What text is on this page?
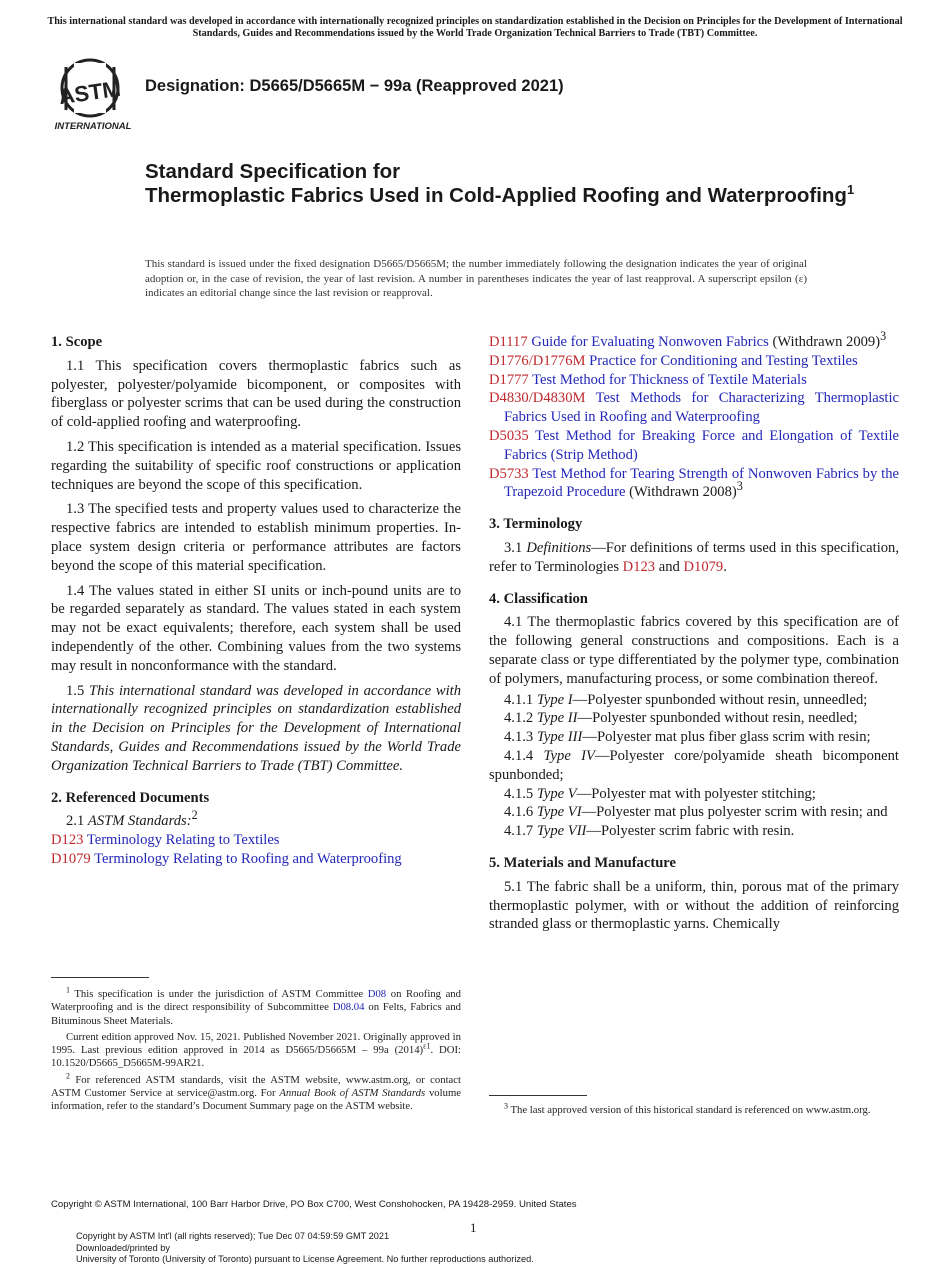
This international standard was developed in accordance with internationally recognized principles on standardization established in the Decision on Principles for the Development of International Standards, Guides and Recommendations issued by the World Trade Organization Technical Barriers to Trade (TBT) Committee.
ASTM
INTERNATIONAL
Designation: D5665/D5665M − 99a (Reapproved 2021)
Standard Specification for
Thermoplastic Fabrics Used in Cold-Applied Roofing and Waterproofing$^1$
This standard is issued under the fixed designation D5665/D5665M; the number immediately following the designation indicates the year of original adoption or, in the case of revision, the year of last revision. A number in parentheses indicates the year of last reapproval. A superscript epsilon (ε) indicates an editorial change since the last revision or reapproval.
1. Scope
1.1 This specification covers thermoplastic fabrics such as polyester, polyester/polyamide bicomponent, or composites with fiberglass or polyester scrims that can be used during the construction of cold-applied roofing and waterproofing.
1.2 This specification is intended as a material specification. Issues regarding the suitability of specific roof constructions or application techniques are beyond the scope of this specification.
1.3 The specified tests and property values used to characterize the respective fabrics are intended to establish minimum properties. In-place system design criteria or performance attributes are factors beyond the scope of this material specification.
1.4 The values stated in either SI units or inch-pound units are to be regarded separately as standard. The values stated in each system may not be exact equivalents; therefore, each system shall be used independently of the other. Combining values from the two systems may result in nonconformance with the standard.
1.5 This international standard was developed in accordance with internationally recognized principles on standardization established in the Decision on Principles for the Development of International Standards, Guides and Recommendations issued by the World Trade Organization Technical Barriers to Trade (TBT) Committee.
2. Referenced Documents
2.1 ASTM Standards:$^2$
D123 Terminology Relating to Textiles
D1079 Terminology Relating to Roofing and Waterproofing

$^1$ This specification is under the jurisdiction of ASTM Committee D08 on Roofing and Waterproofing and is the direct responsibility of Subcommittee D08.04 on Felts, Fabrics and Bituminous Sheet Materials.

Current edition approved Nov. 15, 2021. Published November 2021. Originally approved in 1995. Last previous edition approved in 2014 as D5665/D5665M – 99a $(2014)^{\varepsilon 1}$. DOI: 10.1520/D5665_D5665M-99AR21.

$^2$ For referenced ASTM standards, visit the ASTM website, www.astm.org, or contact ASTM Customer Service at service@astm.org. For Annual Book of ASTM Standards volume information, refer to the standard’s Document Summary page on the ASTM website.

D1117 Guide for Evaluating Nonwoven Fabrics (Withdrawn 2009)$^3$
D1776/D1776M Practice for Conditioning and Testing Textiles
D1777 Test Method for Thickness of Textile Materials
D4830/D4830M Test Methods for Characterizing Thermoplastic Fabrics Used in Roofing and Waterproofing
D5035 Test Method for Breaking Force and Elongation of Textile Fabrics (Strip Method)
D5733 Test Method for Tearing Strength of Nonwoven Fabrics by the Trapezoid Procedure (Withdrawn 2008)$^3$
3. Terminology
3.1 Definitions—For definitions of terms used in this specification, refer to Terminologies D123 and D1079.
4. Classification
4.1 The thermoplastic fabrics covered by this specification are of the following general constructions and compositions. Each is a separate class or type differentiated by the polymer type, combination of polymers, manufacturing process, or some combination thereof.
4.1.1 Type I—Polyester spunbonded without resin, unneedled;
4.1.2 Type II—Polyester spunbonded without resin, needled;
4.1.3 Type III—Polyester mat plus fiber glass scrim with resin;
4.1.4 Type IV—Polyester core/polyamide sheath bicomponent spunbonded;
4.1.5 Type V—Polyester mat with polyester stitching;
4.1.6 Type VI—Polyester mat plus polyester scrim with resin; and
4.1.7 Type VII—Polyester scrim fabric with resin.
5. Materials and Manufacture
5.1 The fabric shall be a uniform, thin, porous mat of the primary thermoplastic polymer, with or without the addition of reinforcing stranded glass or thermoplastic yarns. Chemically

$^3$ The last approved version of this historical standard is referenced on www.astm.org.

Copyright © ASTM International, 100 Barr Harbor Drive, PO Box C700, West Conshohocken, PA 19428-2959. United States
1
Copyright by ASTM Int'l (all rights reserved); Tue Dec 07 04:59:59 GMT 2021
Downloaded/printed by
University of Toronto (University of Toronto) pursuant to License Agreement. No further reproductions authorized.
